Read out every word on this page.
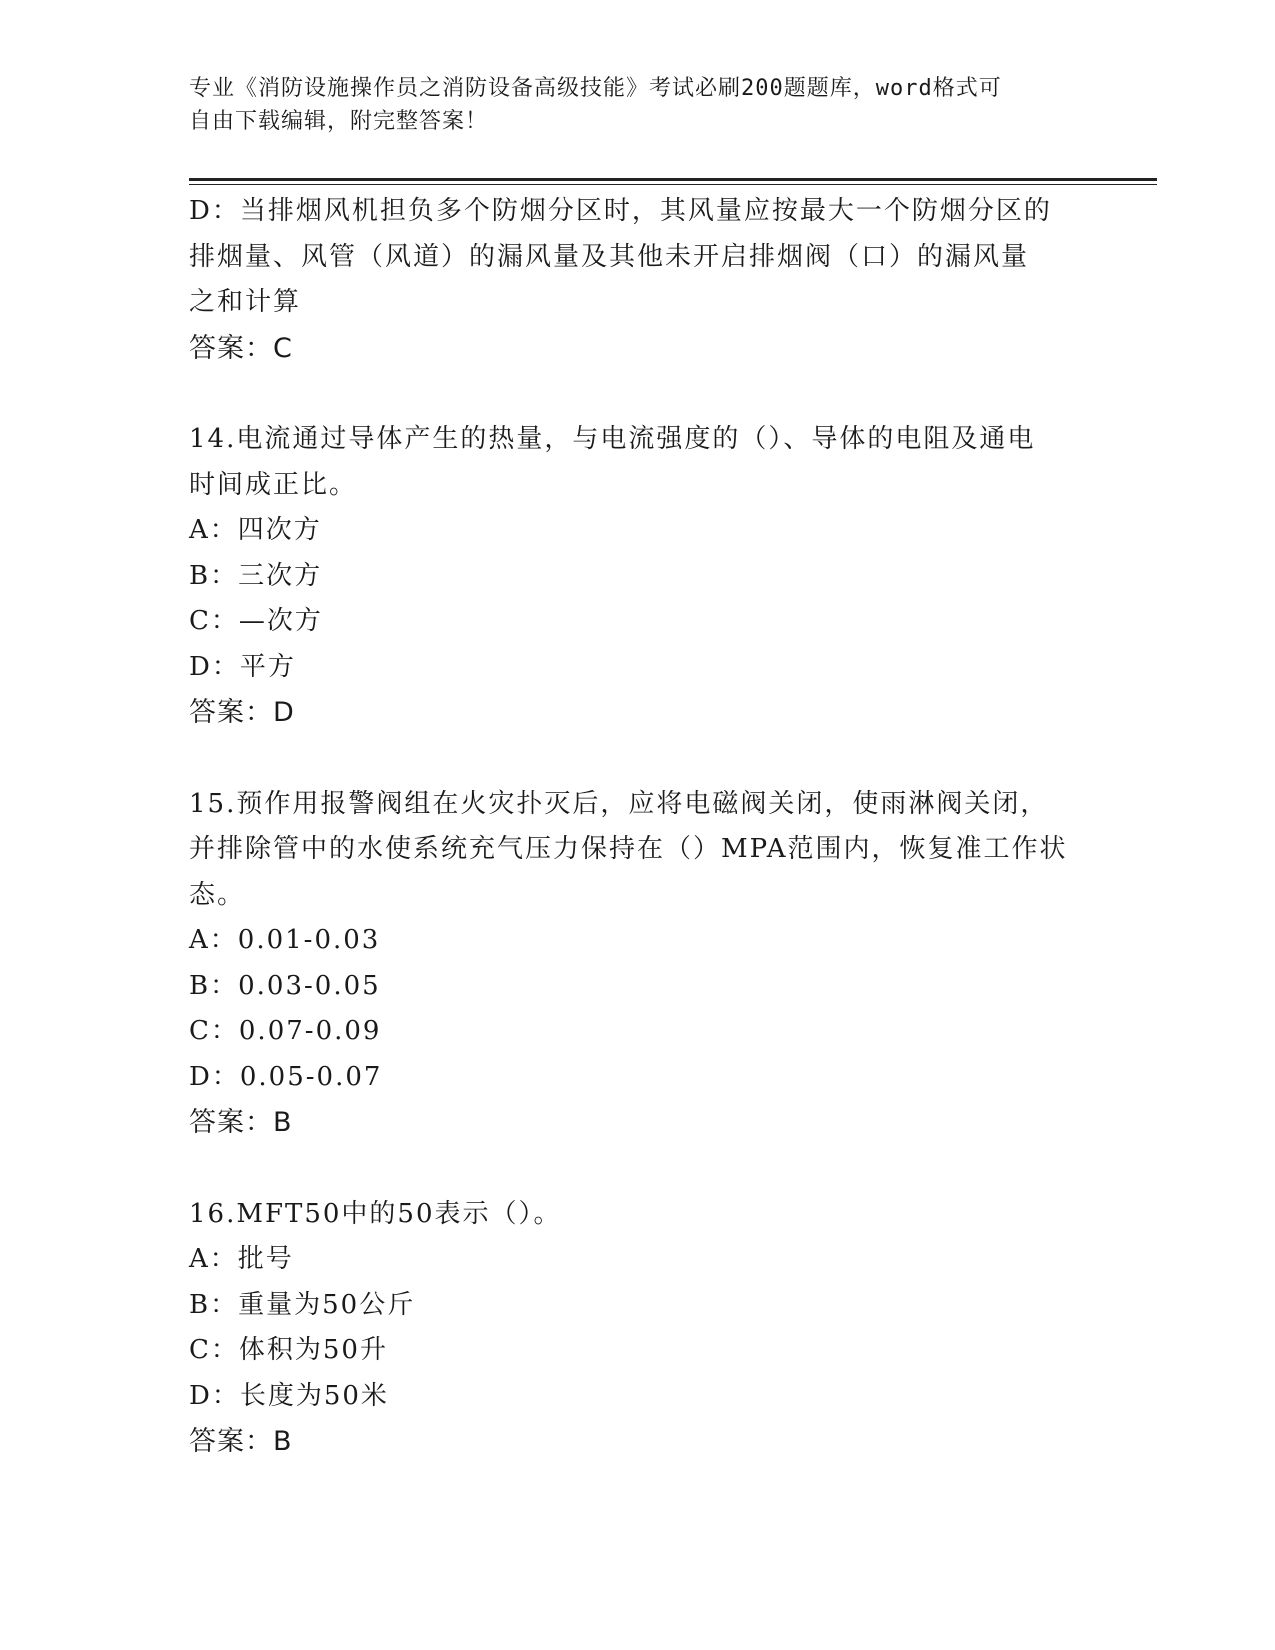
专业《消防设施操作员之消防设备高级技能》考试必刷200题题库，word格式可
自由下载编辑，附完整答案！
D：当排烟风机担负多个防烟分区时，其风量应按最大一个防烟分区的
排烟量、风管（风道）的漏风量及其他未开启排烟阀（口）的漏风量
之和计算
答案：C
14.电流通过导体产生的热量，与电流强度的（）、导体的电阻及通电
时间成正比。
A：四次方
B：三次方
C：—次方
D：平方
答案：D
15.预作用报警阀组在火灾扑灭后，应将电磁阀关闭，使雨淋阀关闭，
并排除管中的水使系统充气压力保持在（）MPA范围内，恢复准工作状
态。
A：0.01-0.03
B：0.03-0.05
C：0.07-0.09
D：0.05-0.07
答案：B
16.MFT50中的50表示（）。
A：批号
B：重量为50公斤
C：体积为50升
D：长度为50米
答案：B
